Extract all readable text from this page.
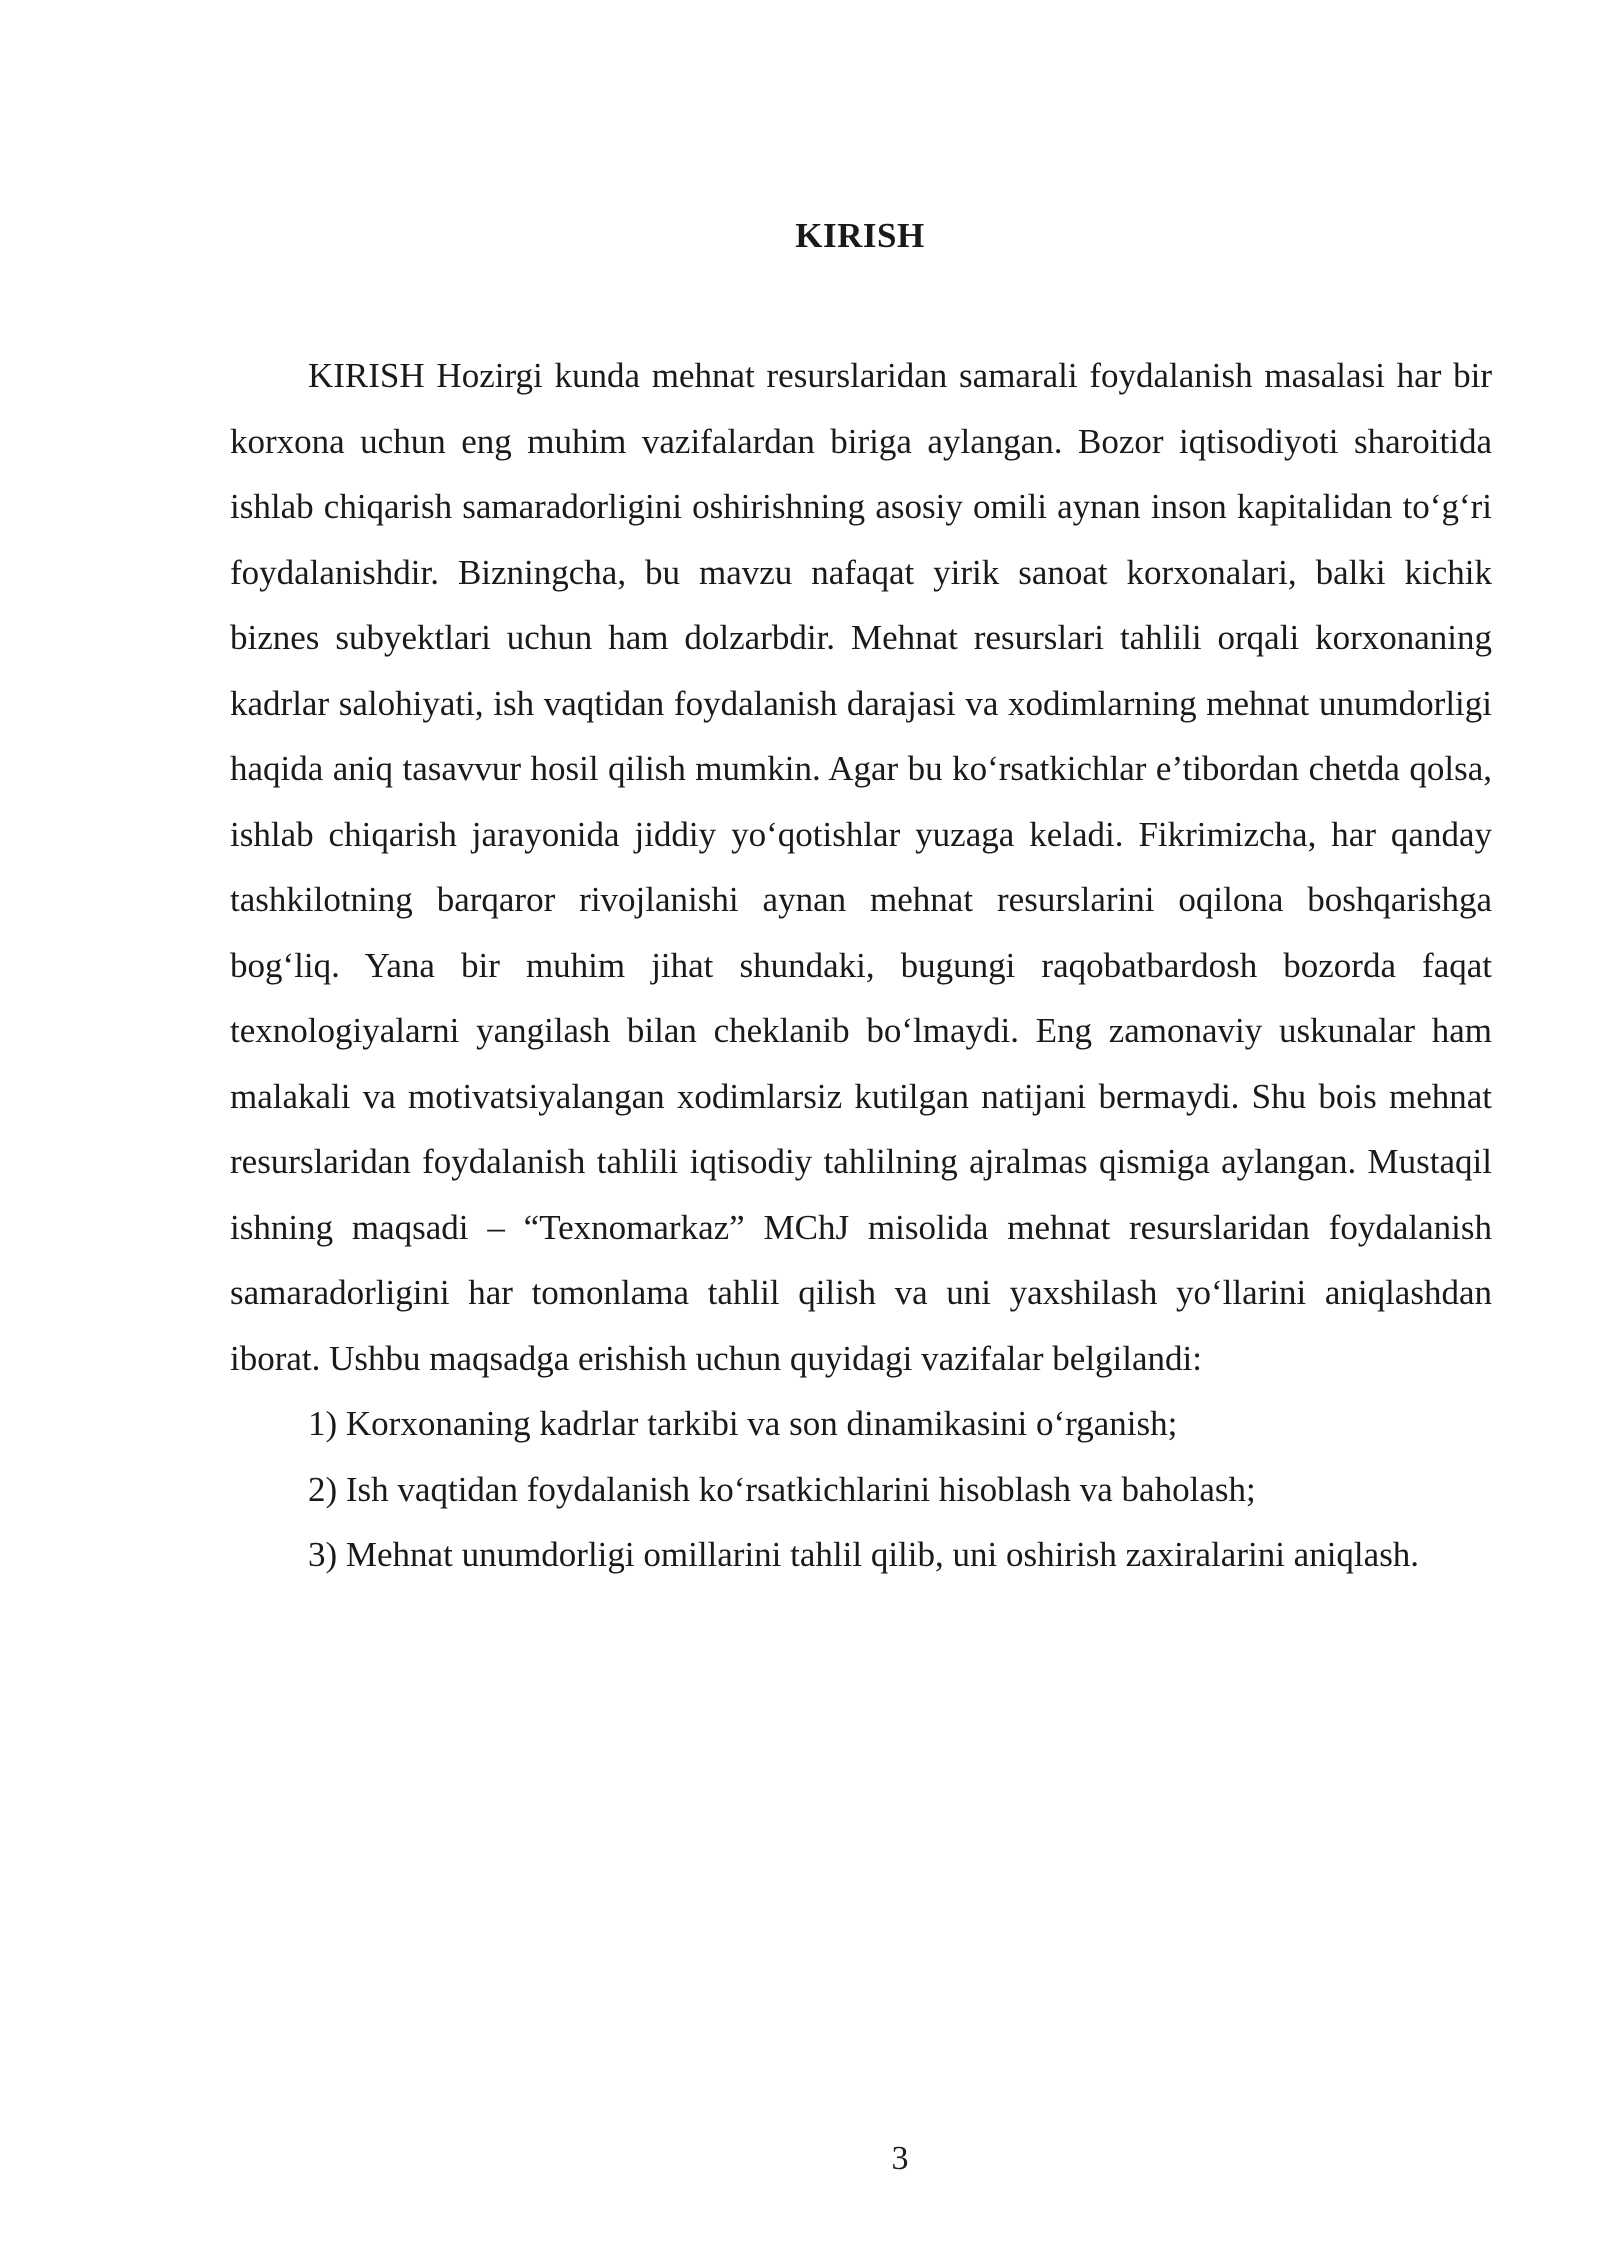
KIRISH

KIRISH Hozirgi kunda mehnat resurslaridan samarali foydalanish masalasi har bir korxona uchun eng muhim vazifalardan biriga aylangan. Bozor iqtisodiyoti sharoitida ishlab chiqarish samaradorligini oshirishning asosiy omili aynan inson kapitalidan to‘g‘ri foydalanishdir. Bizningcha, bu mavzu nafaqat yirik sanoat korxonalari, balki kichik biznes subyektlari uchun ham dolzarbdir. Mehnat resurslari tahlili orqali korxonaning kadrlar salohiyati, ish vaqtidan foydalanish darajasi va xodimlarning mehnat unumdorligi haqida aniq tasavvur hosil qilish mumkin. Agar bu ko‘rsatkichlar e’tibordan chetda qolsa, ishlab chiqarish jarayonida jiddiy yo‘qotishlar yuzaga keladi. Fikrimizcha, har qanday tashkilotning barqaror rivojlanishi aynan mehnat resurslarini oqilona boshqarishga bog‘liq. Yana bir muhim jihat shundaki, bugungi raqobatbardosh bozorda faqat texnologiyalarni yangilash bilan cheklanib bo‘lmaydi. Eng zamonaviy uskunalar ham malakali va motivatsiyalangan xodimlarsiz kutilgan natijani bermaydi. Shu bois mehnat resurslaridan foydalanish tahlili iqtisodiy tahlilning ajralmas qismiga aylangan. Mustaqil ishning maqsadi – “Texnomarkaz” MChJ misolida mehnat resurslaridan foydalanish samaradorligini har tomonlama tahlil qilish va uni yaxshilash yo‘llarini aniqlashdan iborat. Ushbu maqsadga erishish uchun quyidagi vazifalar belgilandi:

1) Korxonaning kadrlar tarkibi va son dinamikasini o‘rganish;

2) Ish vaqtidan foydalanish ko‘rsatkichlarini hisoblash va baholash;

3) Mehnat unumdorligi omillarini tahlil qilib, uni oshirish zaxiralarini aniqlash.

3
